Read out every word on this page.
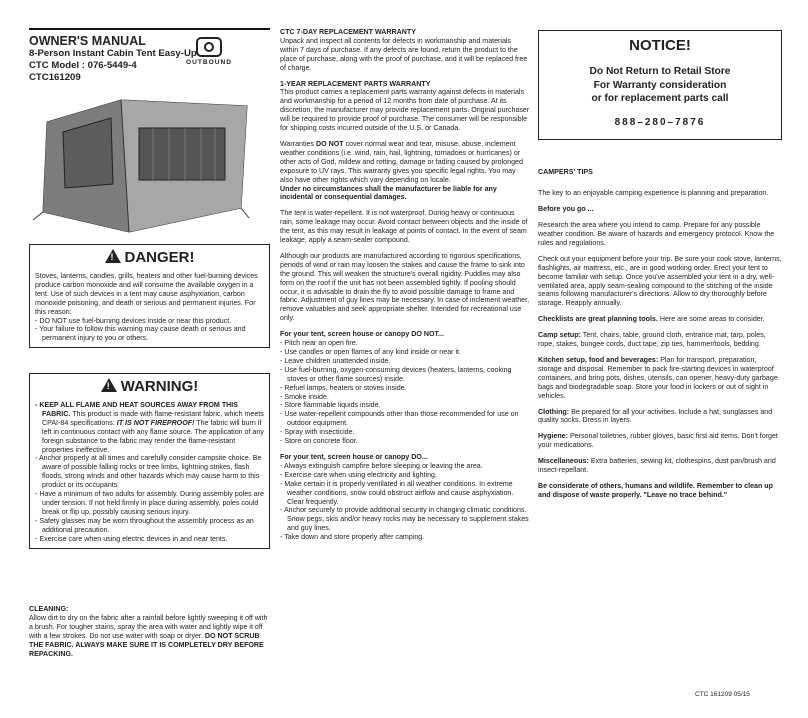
OWNER'S MANUAL
8-Person Instant Cabin Tent Easy-Up
CTC Model : 076-5449-4
CTC161209
OUTBOUND
!DANGER!

Stoves, lanterns, candles, grills, heaters and other fuel-burning devices produce carbon monoxide and will consume the available oxygen in a tent. Use of such devices in a tent may cause asphyxiation, carbon monoxide poisoning, and death or serious and permanent injuries. For this reason:

- DO NOT use fuel-burning devices inside or near this product.

- Your failure to follow this warning may cause death or serious and permanent injury to you or others.

!WARNING!

- KEEP ALL FLAME AND HEAT SOURCES AWAY FROM THIS FABRIC. This product is made with flame-resistant fabric, which meets CPAI-84 specifications. IT IS NOT FIREPROOF! The fabric will burn if left in continuous contact with any flame source. The application of any foreign substance to the fabric may render the flame-resistant properties ineffective.

- Anchor properly at all times and carefully consider campsite choice. Be aware of possible falling rocks or tree limbs, lightning strikes, flash floods, strong winds and other hazards which may cause harm to this product or its occupants.

- Have a minimum of two adults for assembly. During assembly poles are under tension. If not held firmly in place during assembly, poles could break or flip up, possibly causing serious injury.

- Safety glasses may be worn throughout the assembly process as an additional precaution.

- Exercise care when using electric devices in and near tents.

CLEANING:
Allow dirt to dry on the fabric after a rainfall before lightly sweeping it off with a brush. For tougher stains, spray the area with water and lightly wipe it off with a few strokes. Do not use water with soap or dryer. DO NOT SCRUB THE FABRIC. ALWAYS MAKE SURE IT IS COMPLETELY DRY BEFORE REPACKING.
CTC 7-DAY REPLACEMENT WARRANTY

Unpack and inspect all contents for defects in workmanship and materials within 7 days of purchase. If any defects are found, return the product to the place of purchase, along with the proof of purchase, and it will be replaced free of charge.

1-YEAR REPLACEMENT PARTS WARRANTY

This product carries a replacement parts warranty against defects in materials and workmanship for a period of 12 months from date of purchase. At its discretion, the manufacturer may provide replacement parts. Original purchaser will be required to provide proof of purchase. The consumer will be responsible for shipping costs incurred outside of the U.S. or Canada.

Warranties DO NOT cover normal wear and tear, misuse, abuse, inclement weather conditions (i.e. wind, rain, hail, lightning, tornadoes or hurricanes) or other acts of God, mildew and rotting, damage or fading caused by prolonged exposure to UV rays. This warranty gives you specific legal rights. You may also have other rights which vary depending on locale.
Under no circumstances shall the manufacturer be liable for any incidental or consequential damages.

The tent is water-repellent. It is not waterproof. During heavy or continuous rain, some leakage may occur. Avoid contact between objects and the inside of the tent, as this may result in leakage at points of contact. In the event of seam leakage, apply a seam-sealer compound.

Although our products are manufactured according to rigorous specifications, periods of wind or rain may loosen the stakes and cause the frame to sink into the ground. This will weaken the structure's overall rigidity. Puddles may also form on the roof if the unit has not been assembled tightly. If pooling should occur, it is advisable to drain the fly to avoid possible damage to frame and fabric. Adjustment of guy lines may be necessary. In case of inclement weather, remove valuables and seek appropriate shelter. Intended for recreational use only.

For your tent, screen house or canopy DO NOT...

- Pitch near an open fire.

- Use candles or open flames of any kind inside or near it.

- Leave children unattended inside.

- Use fuel-burning, oxygen-consuming devices (heaters, lanterns, cooking stoves or other flame sources) inside.

- Refuel lamps, heaters or stoves inside.

- Smoke inside.

- Store flammable liquids inside.

- Use water-repellent compounds other than those recommended for use on outdoor equipment.

- Spray with insecticide.

- Store on concrete floor.

For your tent, screen house or canopy DO...

- Always extinguish campfire before sleeping or leaving the area.

- Exercise care when using electricity and lighting.

- Make certain it is properly ventilated in all weather conditions. In extreme weather conditions, snow could obstruct airflow and cause asphyxiation. Clear frequently.

- Anchor securely to provide additional security in changing climatic conditions. Snow pegs, skis and/or heavy rocks may be necessary to supplement stakes and guy lines.

- Take down and store properly after camping.

NOTICE!
Do Not Return to Retail Store
For Warranty consideration
or for replacement parts call
888–280–7876

CAMPERS' TIPS

The key to an enjoyable camping experience is planning and preparation.

Before you go ...

Research the area where you intend to camp. Prepare for any possible weather condition. Be aware of hazards and emergency protocol. Know the rules and regulations.

Check out your equipment before your trip. Be sure your cook stove, lanterns, flashlights, air mattress, etc., are in good working order. Erect your tent to become familiar with setup. Once you've assembled your tent in a dry, well-ventilated area, apply seam-sealing compound to the stitching of the inside seams following manufacturer's directions. Allow to dry thoroughly before storage. Reapply annually.

Checklists are great planning tools. Here are some areas to consider.

Camp setup: Tent, chairs, table, ground cloth, entrance mat, tarp, poles, rope, stakes, bungee cords, duct tape, zip ties, hammer/tools, bedding.

Kitchen setup, food and beverages: Plan for transport, preparation, storage and disposal. Remember to pack fire-starting devices in waterproof containers, and bring pots, dishes, utensils, can opener, heavy-duty garbage bags and biodegradable soap. Store your food in lockers or out of sight in vehicles.

Clothing: Be prepared for all your activities. Include a hat, sunglasses and quality socks. Dress in layers.

Hygiene: Personal toiletries, rubber gloves, basic first aid items. Don't forget your medications.

Miscellaneous: Extra batteries, sewing kit, clothespins, dust pan/brush and insect-repellant.

Be considerate of others, humans and wildlife. Remember to clean up and dispose of waste properly. "Leave no trace behind."

CTC 161209 05/15
